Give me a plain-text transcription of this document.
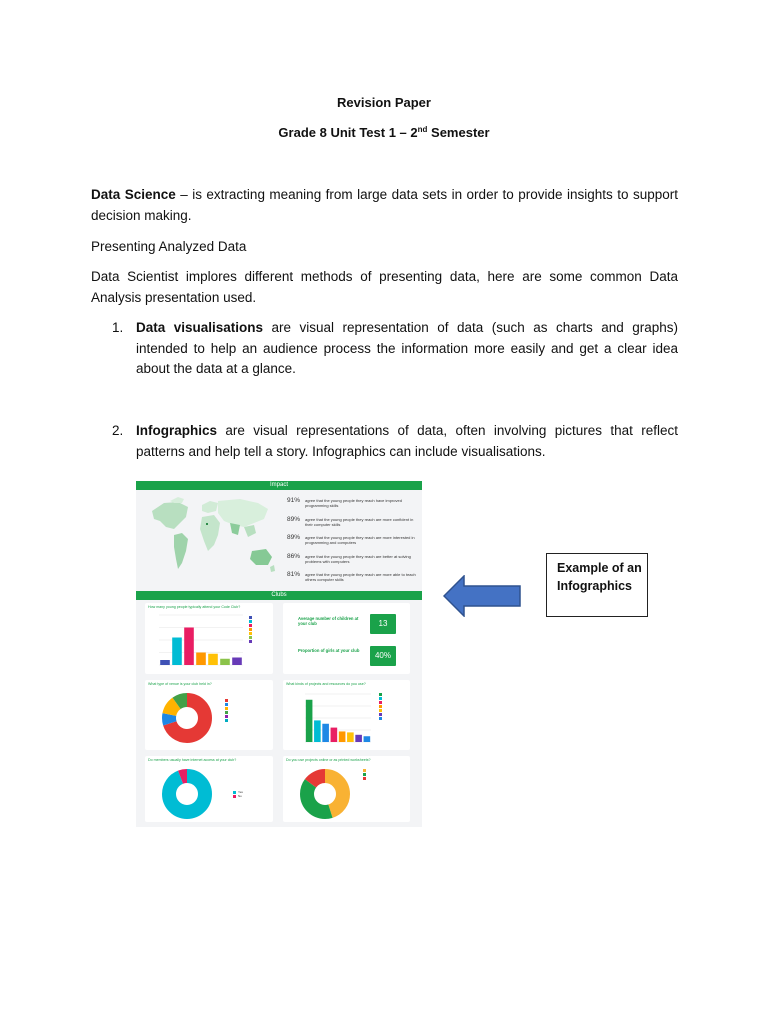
Revision Paper
Grade 8 Unit Test 1 – 2nd Semester
Data Science – is extracting meaning from large data sets in order to provide insights to support decision making.
Presenting Analyzed Data
Data Scientist implores different methods of presenting data, here are some common Data Analysis presentation used.
1. Data visualisations are visual representation of data (such as charts and graphs) intended to help an audience process the information more easily and get a clear idea about the data at a glance.
2. Infographics are visual representations of data, often involving pictures that reflect patterns and help tell a story. Infographics can include visualisations.
Impact
91% agree that the young people they reach have improved programming skills
89% agree that the young people they reach are more confident in their computer skills
89% agree that the young people they reach are more interested in programming and computers
86% agree that the young people they reach are better at solving problems with computers
81% agree that the young people they reach are more able to teach others computer skills
Clubs
How many young people typically attend your Code Club?
Average number of children at your club	13
Proportion of girls at your club
40%
What type of venue is your club held in?	What kinds of projects and resources do you use?
Do members usually have internet access at your club?
Yes
No
Do you use projects online or as printed worksheets?
Example of an
Infographics
